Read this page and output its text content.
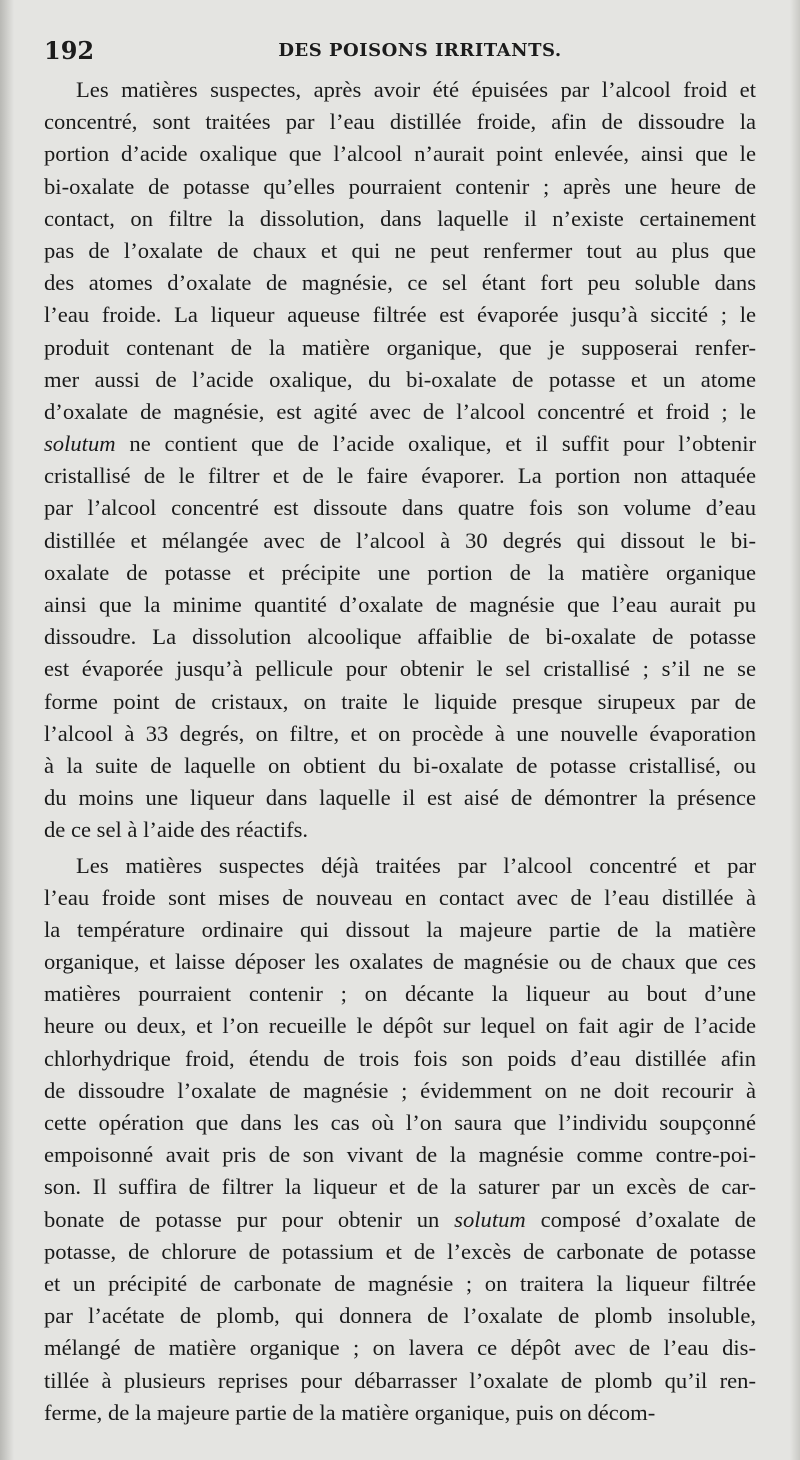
192	DES POISONS IRRITANTS.
Les matières suspectes, après avoir été épuisées par l’alcool froid et
concentré, sont traitées par l’eau distillée froide, afin de dissoudre la
portion d’acide oxalique que l’alcool n’aurait point enlevée, ainsi que le
bi-oxalate de potasse qu’elles pourraient contenir ; après une heure de
contact, on filtre la dissolution, dans laquelle il n’existe certainement
pas de l’oxalate de chaux et qui ne peut renfermer tout au plus que
des atomes d’oxalate de magnésie, ce sel étant fort peu soluble dans
l’eau froide. La liqueur aqueuse filtrée est évaporée jusqu’à siccité ; le
produit contenant de la matière organique, que je supposerai renfer-
mer aussi de l’acide oxalique, du bi-oxalate de potasse et un atome
d’oxalate de magnésie, est agité avec de l’alcool concentré et froid ; le
solutum ne contient que de l’acide oxalique, et il suffit pour l’obtenir
cristallisé de le filtrer et de le faire évaporer. La portion non attaquée
par l’alcool concentré est dissoute dans quatre fois son volume d’eau
distillée et mélangée avec de l’alcool à 30 degrés qui dissout le bi-
oxalate de potasse et précipite une portion de la matière organique
ainsi que la minime quantité d’oxalate de magnésie que l’eau aurait pu
dissoudre. La dissolution alcoolique affaiblie de bi-oxalate de potasse
est évaporée jusqu’à pellicule pour obtenir le sel cristallisé ; s’il ne se
forme point de cristaux, on traite le liquide presque sirupeux par de
l’alcool à 33 degrés, on filtre, et on procède à une nouvelle évaporation
à la suite de laquelle on obtient du bi-oxalate de potasse cristallisé, ou
du moins une liqueur dans laquelle il est aisé de démontrer la présence
de ce sel à l’aide des réactifs.
Les matières suspectes déjà traitées par l’alcool concentré et par
l’eau froide sont mises de nouveau en contact avec de l’eau distillée à
la température ordinaire qui dissout la majeure partie de la matière
organique, et laisse déposer les oxalates de magnésie ou de chaux que ces
matières pourraient contenir ; on décante la liqueur au bout d’une
heure ou deux, et l’on recueille le dépôt sur lequel on fait agir de l’acide
chlorhydrique froid, étendu de trois fois son poids d’eau distillée afin
de dissoudre l’oxalate de magnésie ; évidemment on ne doit recourir à
cette opération que dans les cas où l’on saura que l’individu soupçonné
empoisonné avait pris de son vivant de la magnésie comme contre-poi-
son. Il suffira de filtrer la liqueur et de la saturer par un excès de car-
bonate de potasse pur pour obtenir un solutum composé d’oxalate de
potasse, de chlorure de potassium et de l’excès de carbonate de potasse
et un précipité de carbonate de magnésie ; on traitera la liqueur filtrée
par l’acétate de plomb, qui donnera de l’oxalate de plomb insoluble,
mélangé de matière organique ; on lavera ce dépôt avec de l’eau dis-
tillée à plusieurs reprises pour débarrasser l’oxalate de plomb qu’il ren-
ferme, de la majeure partie de la matière organique, puis on décom-
